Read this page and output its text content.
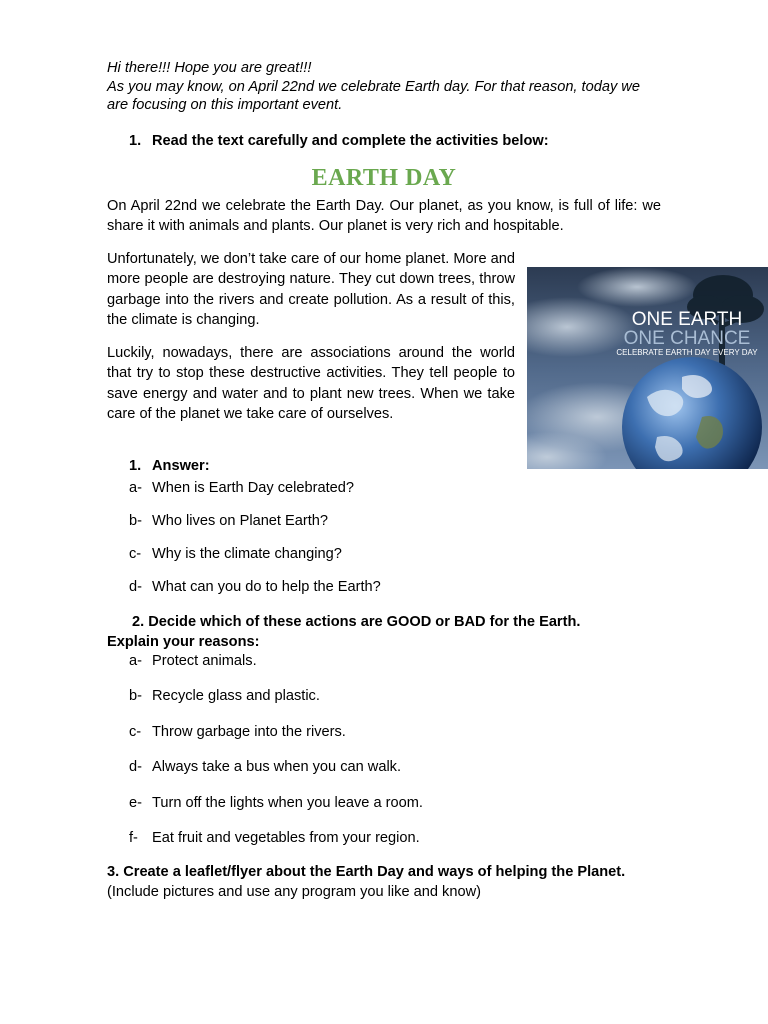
Hi there!!! Hope you are great!!!

As you may know, on April 22nd we celebrate Earth day. For that reason, today we are focusing on this important event.

1. Read the text carefully and complete the activities below:
EARTH DAY

On April 22nd we celebrate the Earth Day. Our planet, as you know, is full of life: we share it with animals and plants. Our planet is very rich and hospitable.

Unfortunately, we don’t take care of our home planet. More and more people are destroying nature. They cut down trees, throw garbage into the rivers and create pollution. As a result of this, the climate is changing.

Luckily, nowadays, there are associations around the world that try to stop these destructive activities. They tell people to save energy and water and to plant new trees. When we take care of the planet we take care of ourselves.

ONE EARTH
ONE CHANCE
CELEBRATE EARTH DAY EVERY DAY
1. Answer:
a- When is Earth Day celebrated?
b- Who lives on Planet Earth?
c- Why is the climate changing?
d- What can you do to help the Earth?
2. Decide which of these actions are GOOD or BAD for the Earth.
Explain your reasons:
a- Protect animals.
b- Recycle glass and plastic.
c- Throw garbage into the rivers.
d- Always take a bus when you can walk.
e- Turn off the lights when you leave a room.
f- Eat fruit and vegetables from your region.
3. Create a leaflet/flyer about the Earth Day and ways of helping the Planet.
(Include pictures and use any program you like and know)
